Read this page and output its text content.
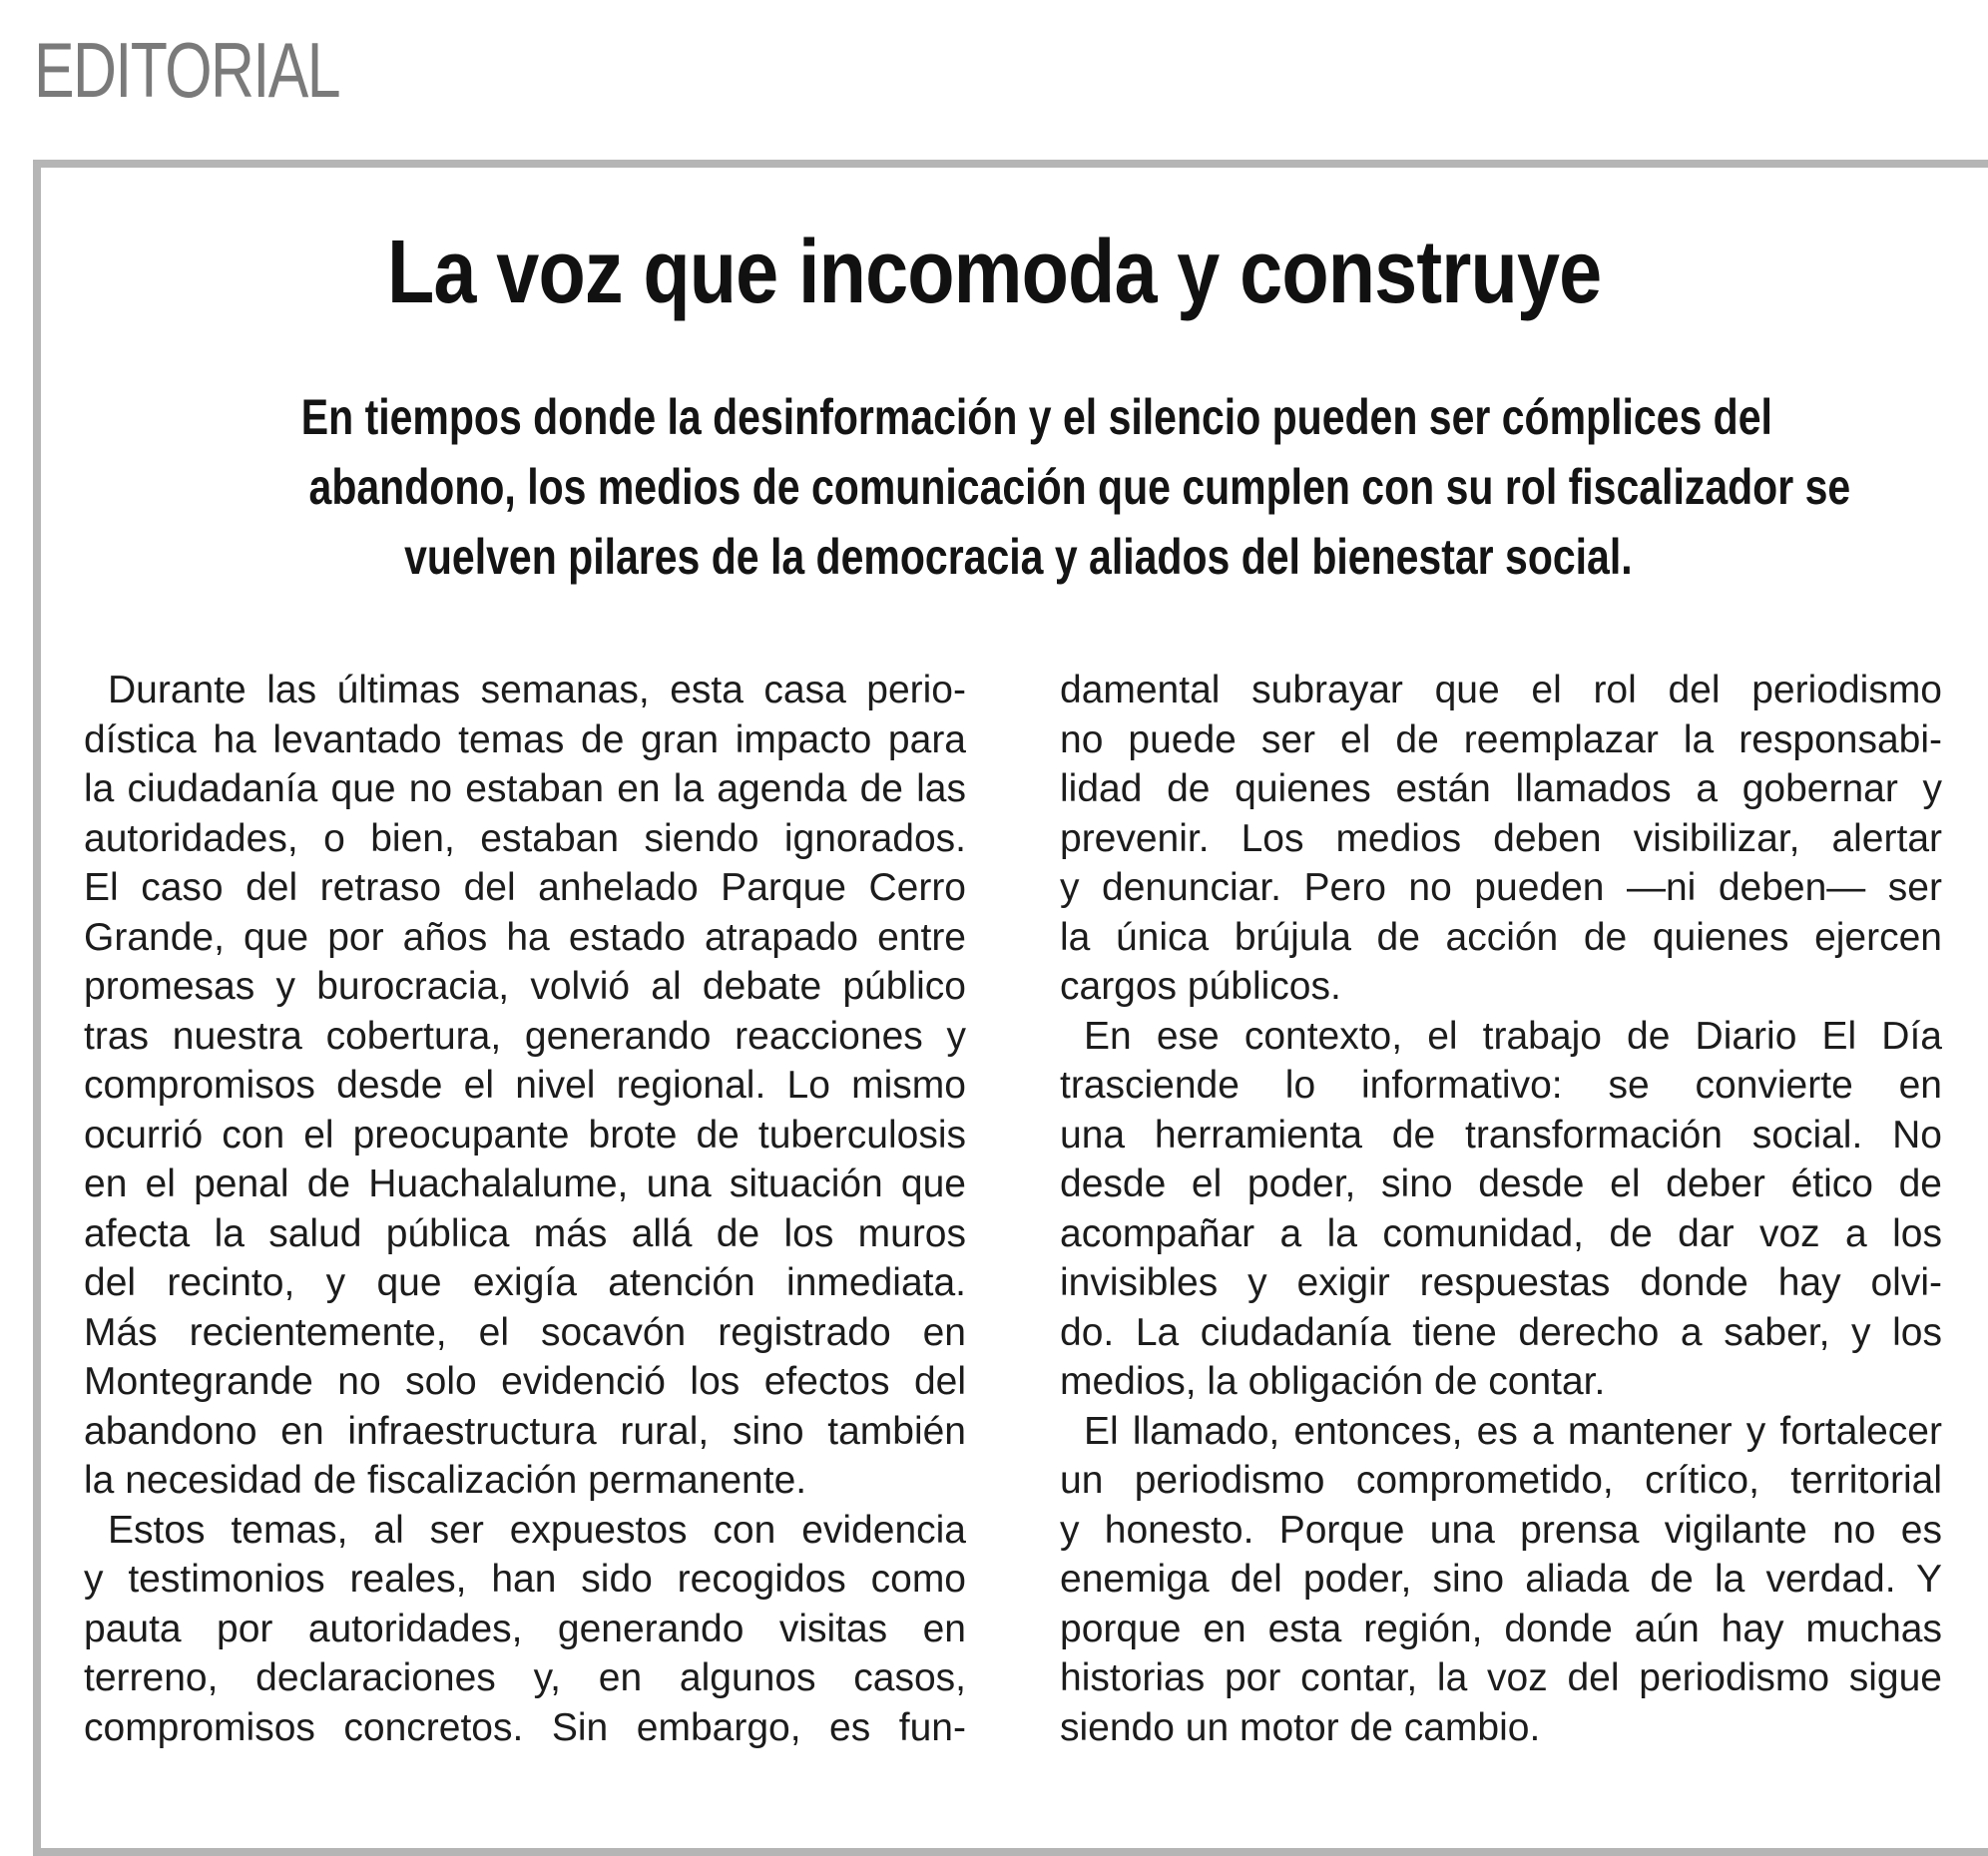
EDITORIAL
La voz que incomoda y construye
En tiempos donde la desinformación y el silencio pueden ser cómplices del
abandono, los medios de comunicación que cumplen con su rol fiscalizador se
vuelven pilares de la democracia y aliados del bienestar social.
Durante las últimas semanas, esta casa perio-
dística ha levantado temas de gran impacto para
la ciudadanía que no estaban en la agenda de las
autoridades, o bien, estaban siendo ignorados.
El caso del retraso del anhelado Parque Cerro
Grande, que por años ha estado atrapado entre
promesas y burocracia, volvió al debate público
tras nuestra cobertura, generando reacciones y
compromisos desde el nivel regional. Lo mismo
ocurrió con el preocupante brote de tuberculosis
en el penal de Huachalalume, una situación que
afecta la salud pública más allá de los muros
del recinto, y que exigía atención inmediata.
Más recientemente, el socavón registrado en
Montegrande no solo evidenció los efectos del
abandono en infraestructura rural, sino también
la necesidad de fiscalización permanente.
Estos temas, al ser expuestos con evidencia
y testimonios reales, han sido recogidos como
pauta por autoridades, generando visitas en
terreno, declaraciones y, en algunos casos,
compromisos concretos. Sin embargo, es fun-
damental subrayar que el rol del periodismo
no puede ser el de reemplazar la responsabi-
lidad de quienes están llamados a gobernar y
prevenir. Los medios deben visibilizar, alertar
y denunciar. Pero no pueden —ni deben— ser
la única brújula de acción de quienes ejercen
cargos públicos.
En ese contexto, el trabajo de Diario El Día
trasciende lo informativo: se convierte en
una herramienta de transformación social. No
desde el poder, sino desde el deber ético de
acompañar a la comunidad, de dar voz a los
invisibles y exigir respuestas donde hay olvi-
do. La ciudadanía tiene derecho a saber, y los
medios, la obligación de contar.
El llamado, entonces, es a mantener y fortalecer
un periodismo comprometido, crítico, territorial
y honesto. Porque una prensa vigilante no es
enemiga del poder, sino aliada de la verdad. Y
porque en esta región, donde aún hay muchas
historias por contar, la voz del periodismo sigue
siendo un motor de cambio.
